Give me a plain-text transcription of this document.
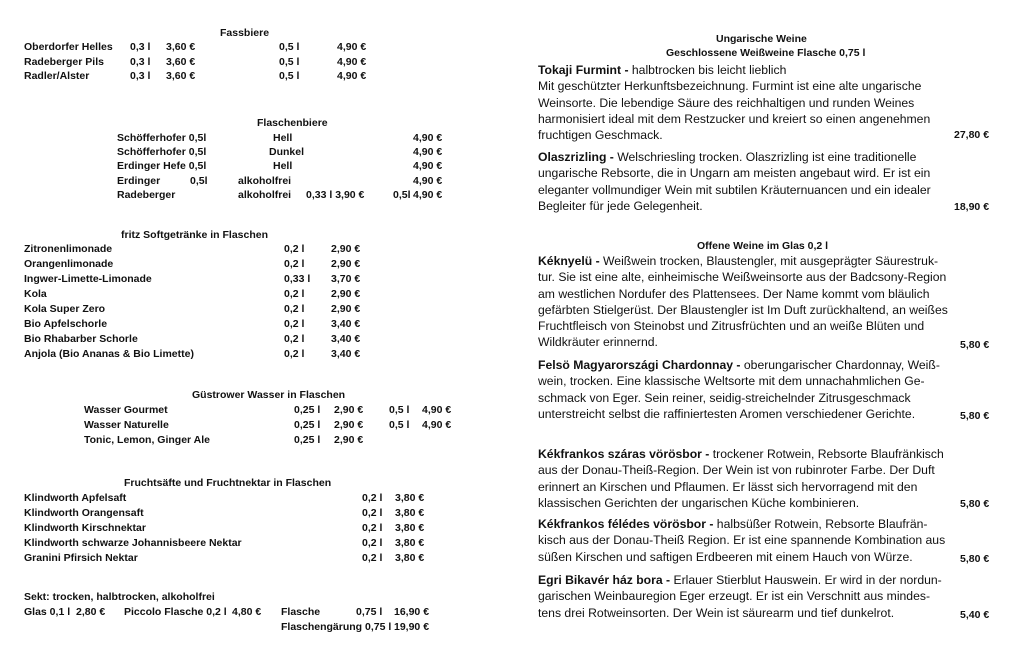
Fassbiere
Oberdorfer Helles 0,3 l 3,60 €	0,5 l	4,90 €
Radeberger Pils 0,3 l 3,60 €	0,5 l	4,90 €
Radler/Alster	0,3 l 3,60 €	0,5 l	4,90 €
Flaschenbiere
Schöfferhofer 0,5l	Hell	4,90 €
Schöfferhofer 0,5l	Dunkel	4,90 €
Erdinger Hefe 0,5l	Hell	4,90 €
Erdinger	0,5l	alkoholfrei	4,90 €
Radeberger	alkoholfrei 0,33 l 3,90 €	0,5l 4,90 €
fritz Softgetränke in Flaschen
Zitronenlimonade	0,2 l	2,90 €
Orangenlimonade	0,2 l	2,90 €
Ingwer-Limette-Limonade	0,33 l 3,70 €
Kola	0,2 l	2,90 €
Kola Super Zero	0,2 l	2,90 €
Bio Apfelschorle	0,2 l	3,40 €
Bio Rhabarber Schorle	0,2 l	3,40 €
Anjola (Bio Ananas & Bio Limette)	0,2 l	3,40 €
Güstrower Wasser in Flaschen
Wasser Gourmet	0,25 l 2,90 € 0,5 l 4,90 €
Wasser Naturelle	0,25 l 2,90 € 0,5 l 4,90 €
Tonic, Lemon, Ginger Ale	0,25 l 2,90 €
Fruchtsäfte und Fruchtnektar in Flaschen
Klindworth Apfelsaft	0,2 l 3,80 €
Klindworth Orangensaft	0,2 l 3,80 €
Klindworth Kirschnektar	0,2 l 3,80 €
Klindworth schwarze Johannisbeere Nektar	0,2 l 3,80 €
Granini Pfirsich Nektar	0,2 l 3,80 €
Sekt: trocken, halbtrocken, alkoholfrei
Glas 0,1 l 2,80 € Piccolo Flasche 0,2 l 4,80 € Flasche	0,75 l 16,90 €
Flaschengärung 0,75 l 19,90 €
Ungarische Weine
Geschlossene Weißweine Flasche 0,75 l
Tokaji Furmint - halbtrocken bis leicht lieblich
Mit geschützter Herkunftsbezeichnung. Furmint ist eine alte ungarische Weinsorte. Die lebendige Säure des reichhaltigen und runden Weines harmonisiert ideal mit dem Restzucker und kreiert so einen angenehmen fruchtigen Geschmack.	27,80 €
Olaszrizling - Welschriesling trocken. Olaszrizling ist eine traditionelle ungarische Rebsorte, die in Ungarn am meisten angebaut wird. Er ist ein eleganter vollmundiger Wein mit subtilen Kräuternuancen und ein idealer Begleiter für jede Gelegenheit.	18,90 €
Offene Weine im Glas 0,2 l
Kéknyelü - Weißwein trocken, Blaustengler, mit ausgeprägter Säurestruk-tur. Sie ist eine alte, einheimische Weißweinsorte aus der Badcsony-Region am westlichen Nordufer des Plattensees. Der Name kommt vom bläulich gefärbten Stielgerüst. Der Blaustengler ist Im Duft zurückhaltend, an weißes Fruchtfleisch von Steinobst und Zitrusfrüchten und an weiße Blüten und Wildkräuter erinnernd.	5,80 €
Felsö Magyarországi Chardonnay - oberungarischer Chardonnay, Weiß-wein, trocken. Eine klassische Weltsorte mit dem unnachahmlichen Ge-schmack von Eger. Sein reiner, seidig-streichelnder Zitrusgeschmack unterstreicht selbst die raffiniertesten Aromen verschiedener Gerichte.	5,80 €
Kékfrankos száras vörösbor - trockener Rotwein, Rebsorte Blaufränkisch aus der Donau-Theiß-Region. Der Wein ist von rubinroter Farbe. Der Duft erinnert an Kirschen und Pflaumen. Er lässt sich hervorragend mit den klassischen Gerichten der ungarischen Küche kombinieren.	5,80 €
Kékfrankos félédes vörösbor - halbsüßer Rotwein, Rebsorte Blaufrän-kisch aus der Donau-Theiß Region. Er ist eine spannende Kombination aus süßen Kirschen und saftigen Erdbeeren mit einem Hauch von Würze.	5,80 €
Egri Bikavér ház bora - Erlauer Stierblut Hauswein. Er wird in der nordun-garischen Weinbauregion Eger erzeugt. Er ist ein Verschnitt aus mindes-tens drei Rotweinsorten. Der Wein ist säurearm und tief dunkelrot.	5,40 €
